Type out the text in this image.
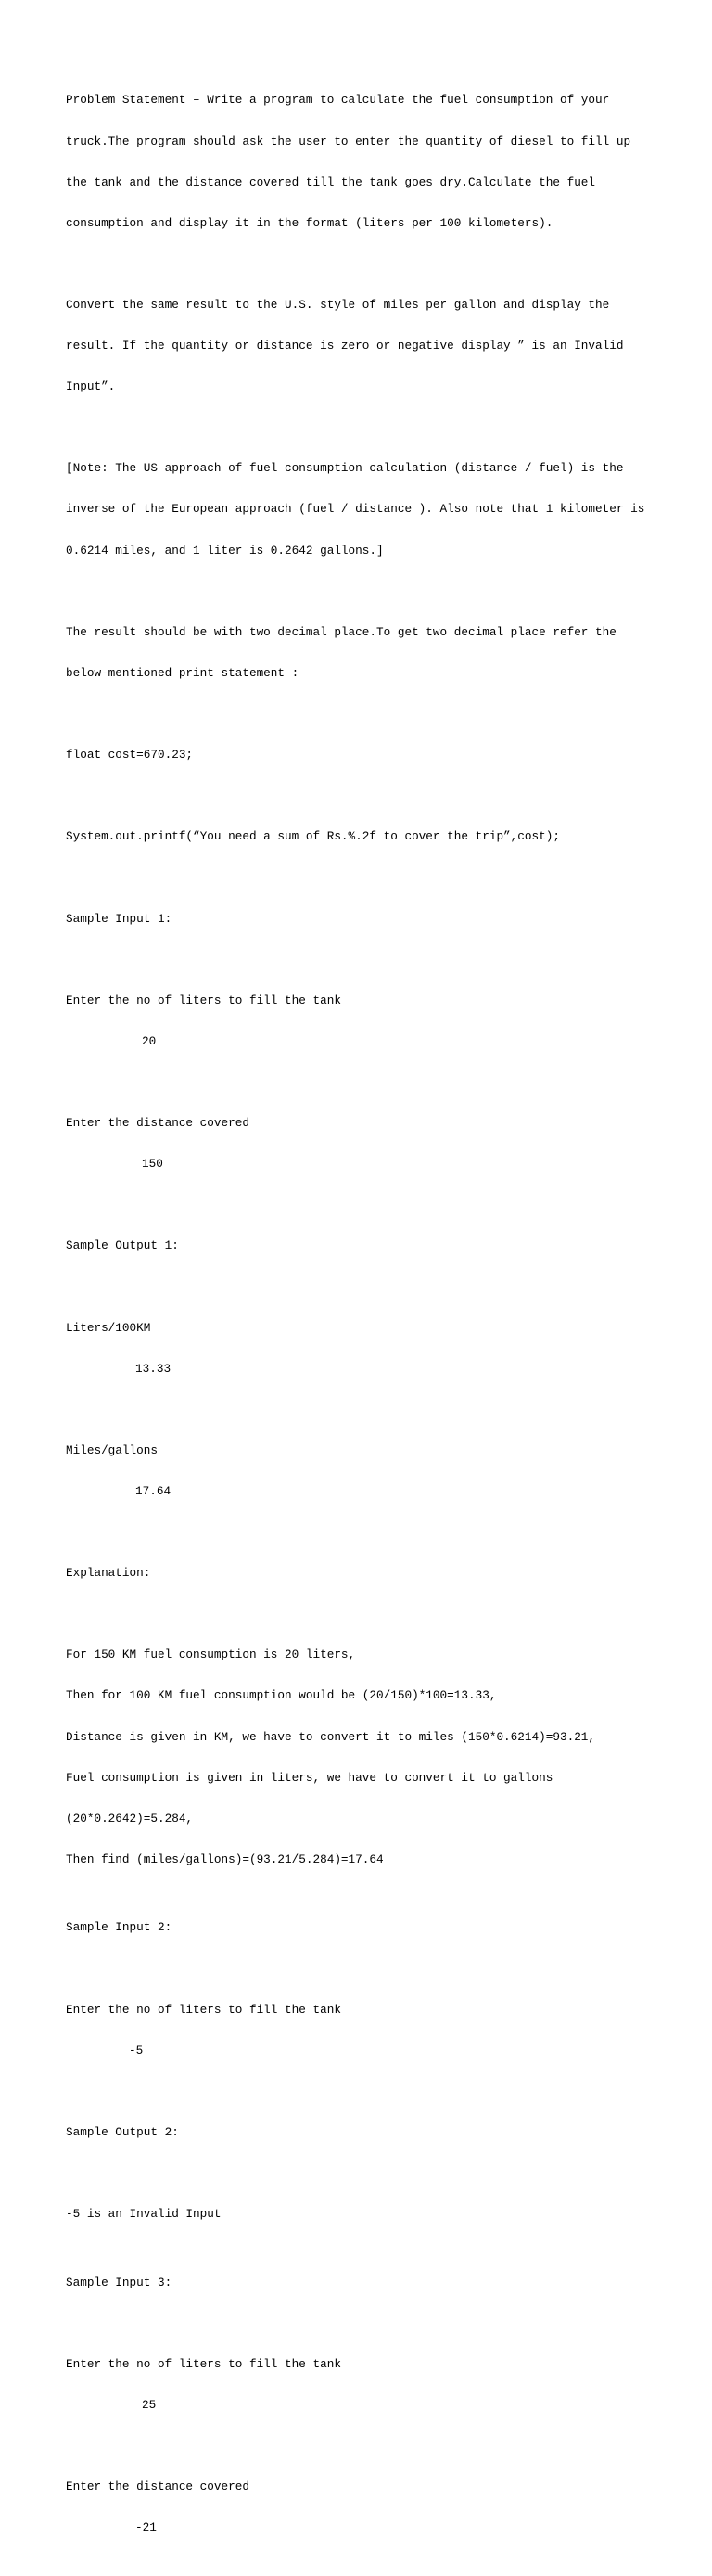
Problem Statement – Write a program to calculate the fuel consumption of your

truck.The program should ask the user to enter the quantity of diesel to fill up

the tank and the distance covered till the tank goes dry.Calculate the fuel

consumption and display it in the format (liters per 100 kilometers).

Convert the same result to the U.S. style of miles per gallon and display the

result. If the quantity or distance is zero or negative display ” is an Invalid

Input”.

[Note: The US approach of fuel consumption calculation (distance / fuel) is the

inverse of the European approach (fuel / distance ). Also note that 1 kilometer is

0.6214 miles, and 1 liter is 0.2642 gallons.]

The result should be with two decimal place.To get two decimal place refer the

below-mentioned print statement :

float cost=670.23;

System.out.printf(“You need a sum of Rs.%.2f to cover the trip”,cost);

Sample Input 1:

Enter the no of liters to fill the tank

20

Enter the distance covered

150

Sample Output 1:

Liters/100KM

13.33

Miles/gallons

17.64

Explanation:

For 150 KM fuel consumption is 20 liters,

Then for 100 KM fuel consumption would be (20/150)*100=13.33,

Distance is given in KM, we have to convert it to miles (150*0.6214)=93.21,

Fuel consumption is given in liters, we have to convert it to gallons

(20*0.2642)=5.284,

Then find (miles/gallons)=(93.21/5.284)=17.64

Sample Input 2:

Enter the no of liters to fill the tank

-5

Sample Output 2:

-5 is an Invalid Input

Sample Input 3:

Enter the no of liters to fill the tank

25

Enter the distance covered

-21
